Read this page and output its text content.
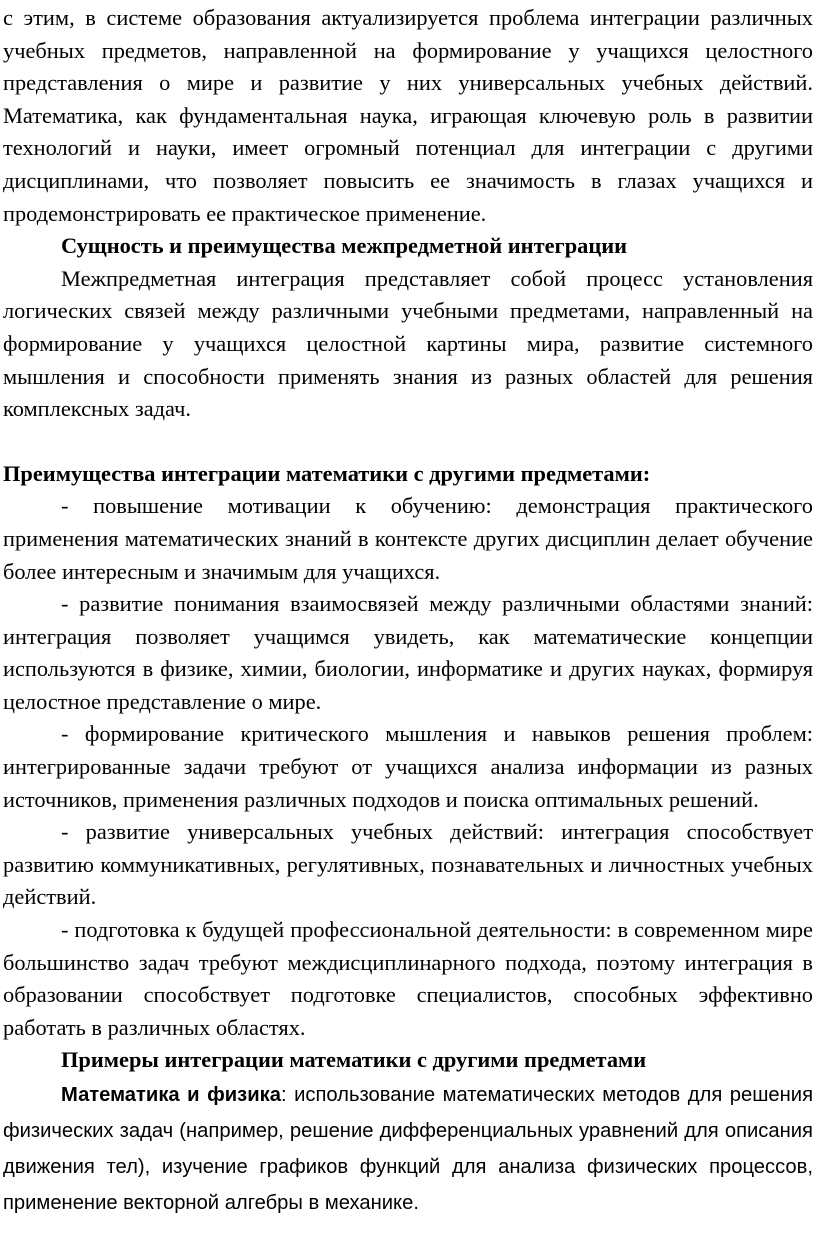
с этим, в системе образования актуализируется проблема интеграции различных учебных предметов, направленной на формирование у учащихся целостного представления о мире и развитие у них универсальных учебных действий. Математика, как фундаментальная наука, играющая ключевую роль в развитии технологий и науки, имеет огромный потенциал для интеграции с другими дисциплинами, что позволяет повысить ее значимость в глазах учащихся и продемонстрировать ее практическое применение.

Сущность и преимущества межпредметной интеграции

Межпредметная интеграция представляет собой процесс установления логических связей между различными учебными предметами, направленный на формирование у учащихся целостной картины мира, развитие системного мышления и способности применять знания из разных областей для решения комплексных задач.

Преимущества интеграции математики с другими предметами:

- повышение мотивации к обучению: демонстрация практического применения математических знаний в контексте других дисциплин делает обучение более интересным и значимым для учащихся.

- развитие понимания взаимосвязей между различными областями знаний: интеграция позволяет учащимся увидеть, как математические концепции используются в физике, химии, биологии, информатике и других науках, формируя целостное представление о мире.

- формирование критического мышления и навыков решения проблем: интегрированные задачи требуют от учащихся анализа информации из разных источников, применения различных подходов и поиска оптимальных решений.

- развитие универсальных учебных действий: интеграция способствует развитию коммуникативных, регулятивных, познавательных и личностных учебных действий.

- подготовка к будущей профессиональной деятельности: в современном мире большинство задач требуют междисциплинарного подхода, поэтому интеграция в образовании способствует подготовке специалистов, способных эффективно работать в различных областях.

Примеры интеграции математики с другими предметами

Математика и физика: использование математических методов для решения физических задач (например, решение дифференциальных уравнений для описания движения тел), изучение графиков функций для анализа физических процессов, применение векторной алгебры в механике.
